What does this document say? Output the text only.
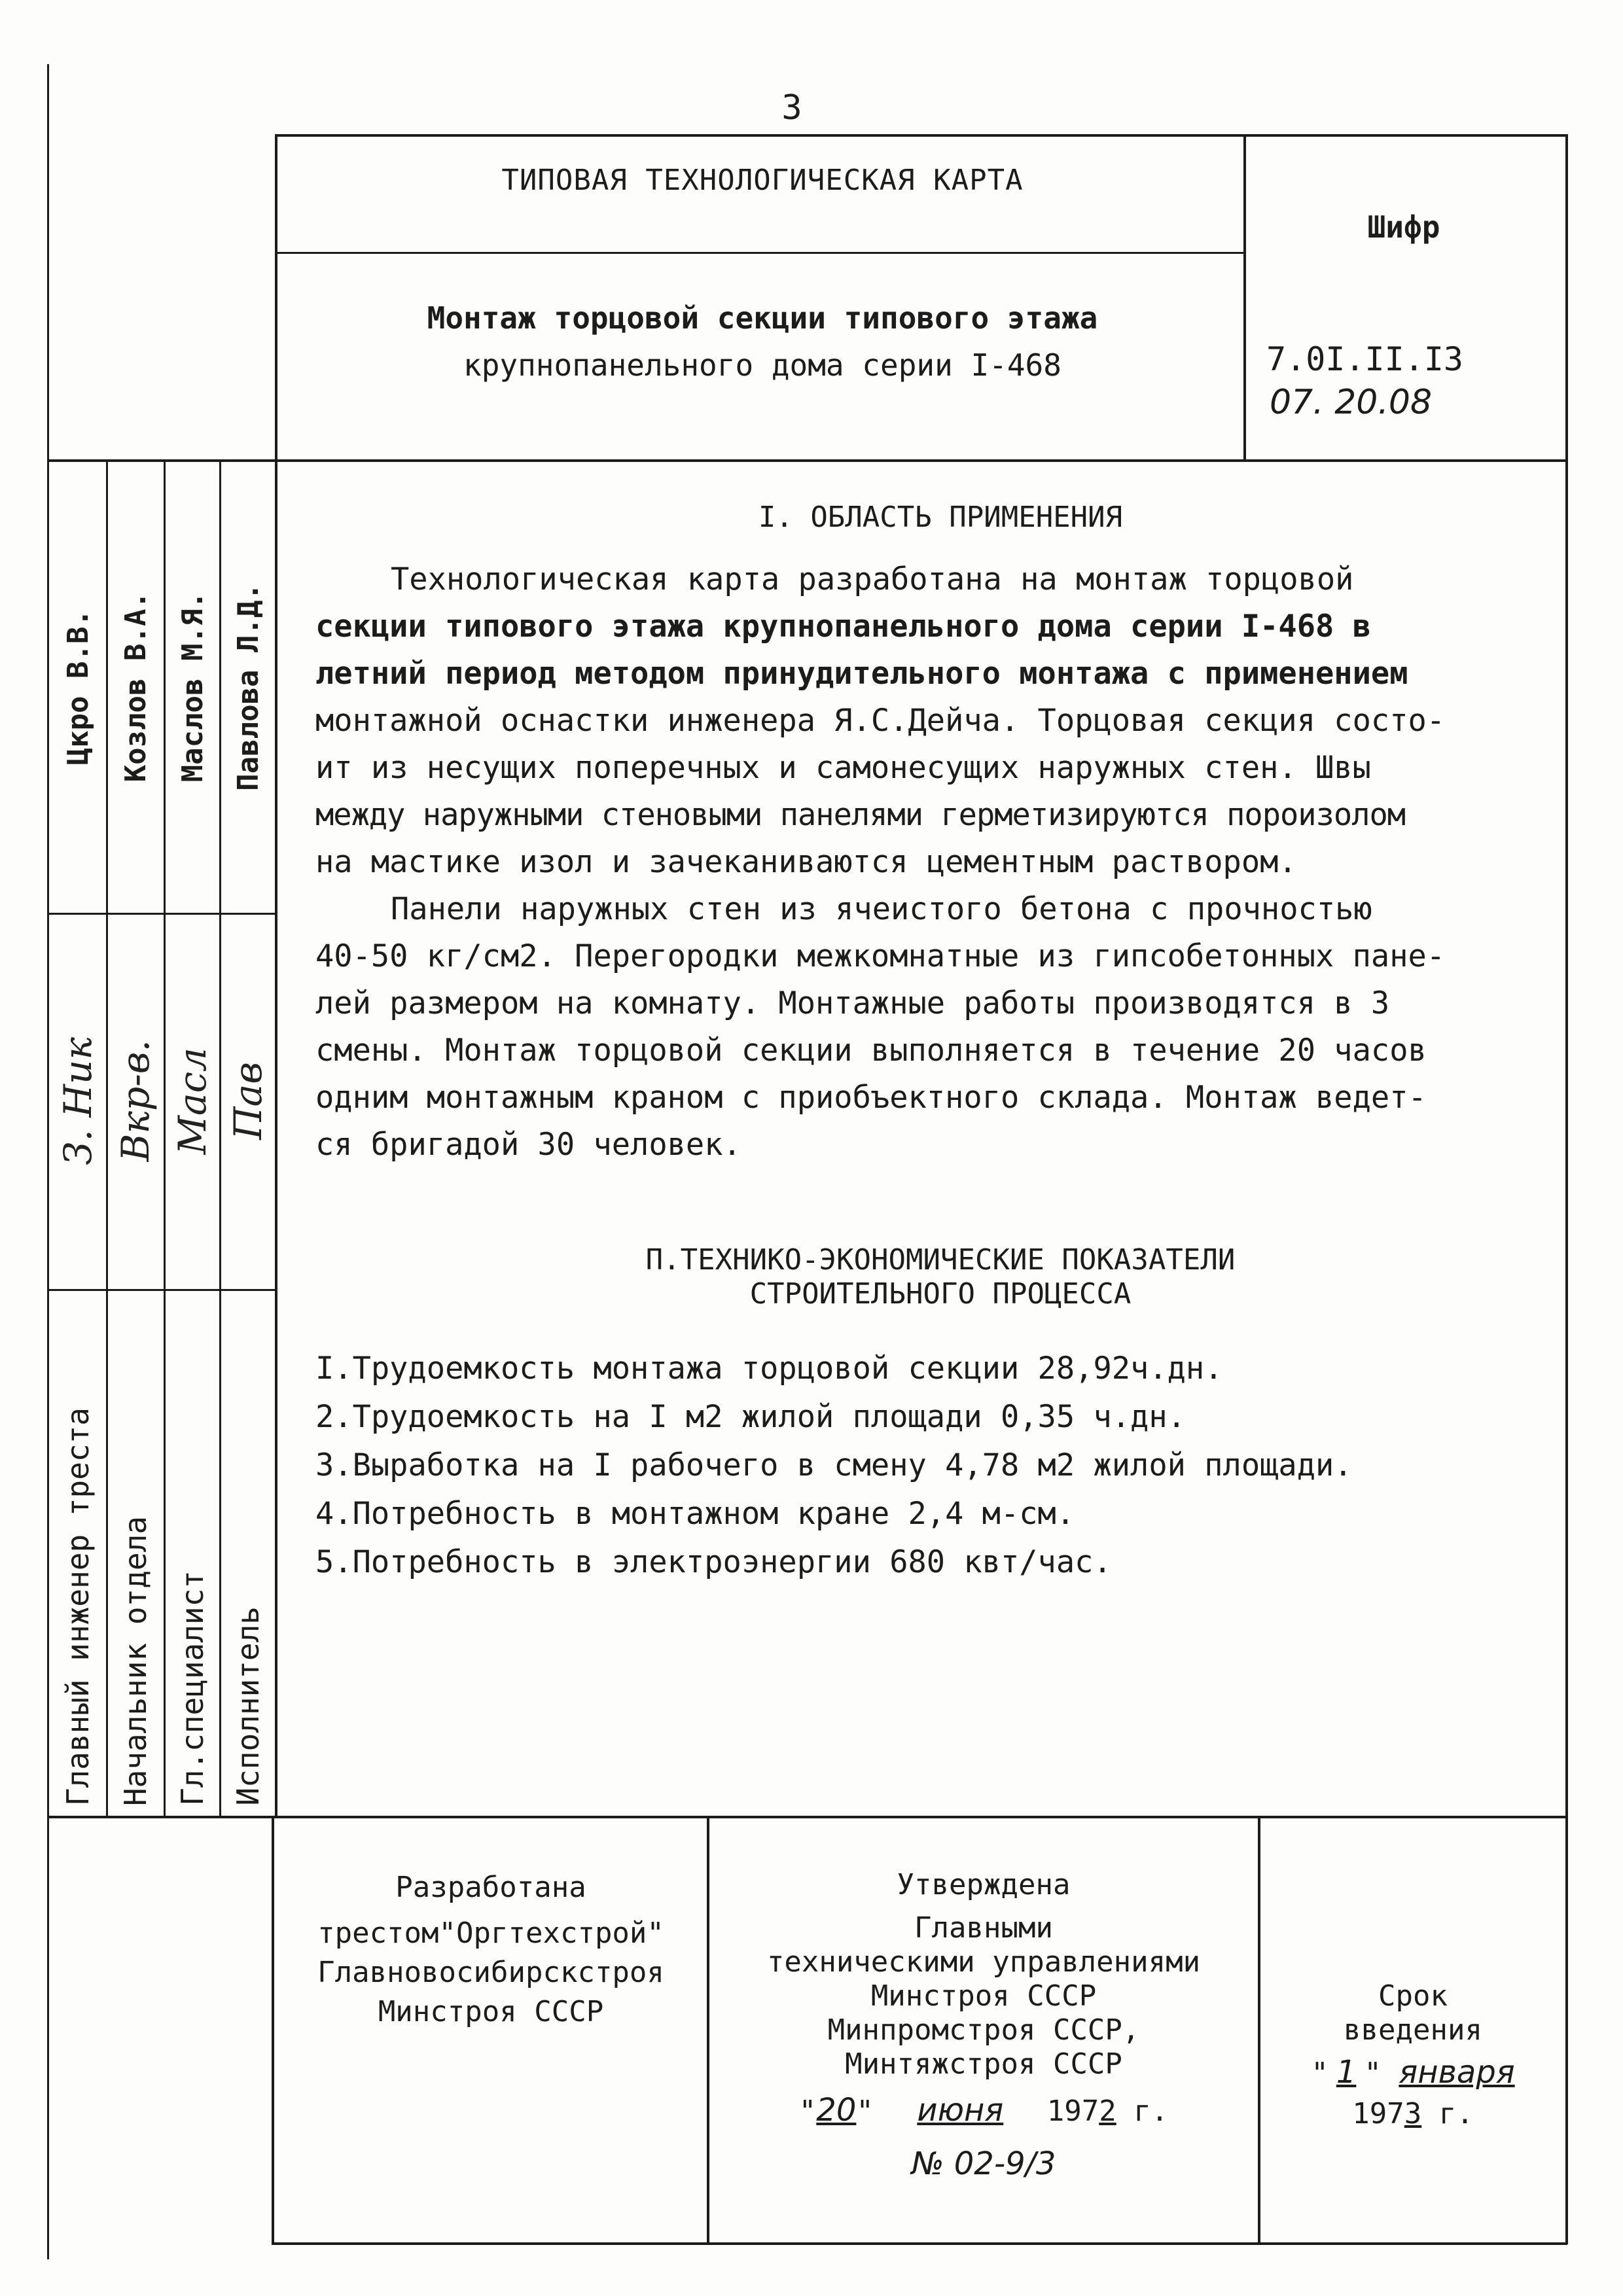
3
ТИПОВАЯ ТЕХНОЛОГИЧЕСКАЯ КАРТА
Монтаж торцовой секции типового этажа
крупнопанельного дома серии I-468
Шифр
7.0I.II.I3
07. 20.08
Цкро В.В. Козлов В.А. Маслов М.Я. Павлова Л.Д.
З. Ник Вкр-в. Масл Пав
Главный инженер треста Начальник отдела Гл.специалист Исполнитель
I. ОБЛАСТЬ ПРИМЕНЕНИЯ

Технологическая карта разработана на монтаж торцовой

секции типового этажа крупнопанельного дома серии I-468 в

летний период методом принудительного монтажа с применением

монтажной оснастки инженера Я.С.Дейча. Торцовая секция состо-

ит из несущих поперечных и самонесущих наружных стен. Швы

между наружными стеновыми панелями герметизируются пороизолом

на мастике изол и зачеканиваются цементным раствором.

Панели наружных стен из ячеистого бетона с прочностью

40-50 кг/см2. Перегородки межкомнатные из гипсобетонных пане-

лей размером на комнату. Монтажные работы производятся в 3

смены. Монтаж торцовой секции выполняется в течение 20 часов

одним монтажным краном с приобъектного склада. Монтаж ведет-

ся бригадой 30 человек.

П.ТЕХНИКО-ЭКОНОМИЧЕСКИЕ ПОКАЗАТЕЛИ
СТРОИТЕЛЬНОГО ПРОЦЕССА

I.Трудоемкость монтажа торцовой секции 28,92ч.дн.

2.Трудоемкость на I м2 жилой площади 0,35 ч.дн.

3.Выработка на I рабочего в смену 4,78 м2 жилой площади.

4.Потребность в монтажном кране 2,4 м-см.

5.Потребность в электроэнергии 680 квт/час.

Разработана
трестом"Оргтехстрой"
Главновосибирскстроя
Минстроя СССР
Утверждена
Главными
техническими управлениями
Минстроя СССР
Минпромстроя СССР,
Минтяжстроя СССР
"20" июня 1972 г.
№ 02-9/3
Срок
введения
" 1 " января
1973 г.
